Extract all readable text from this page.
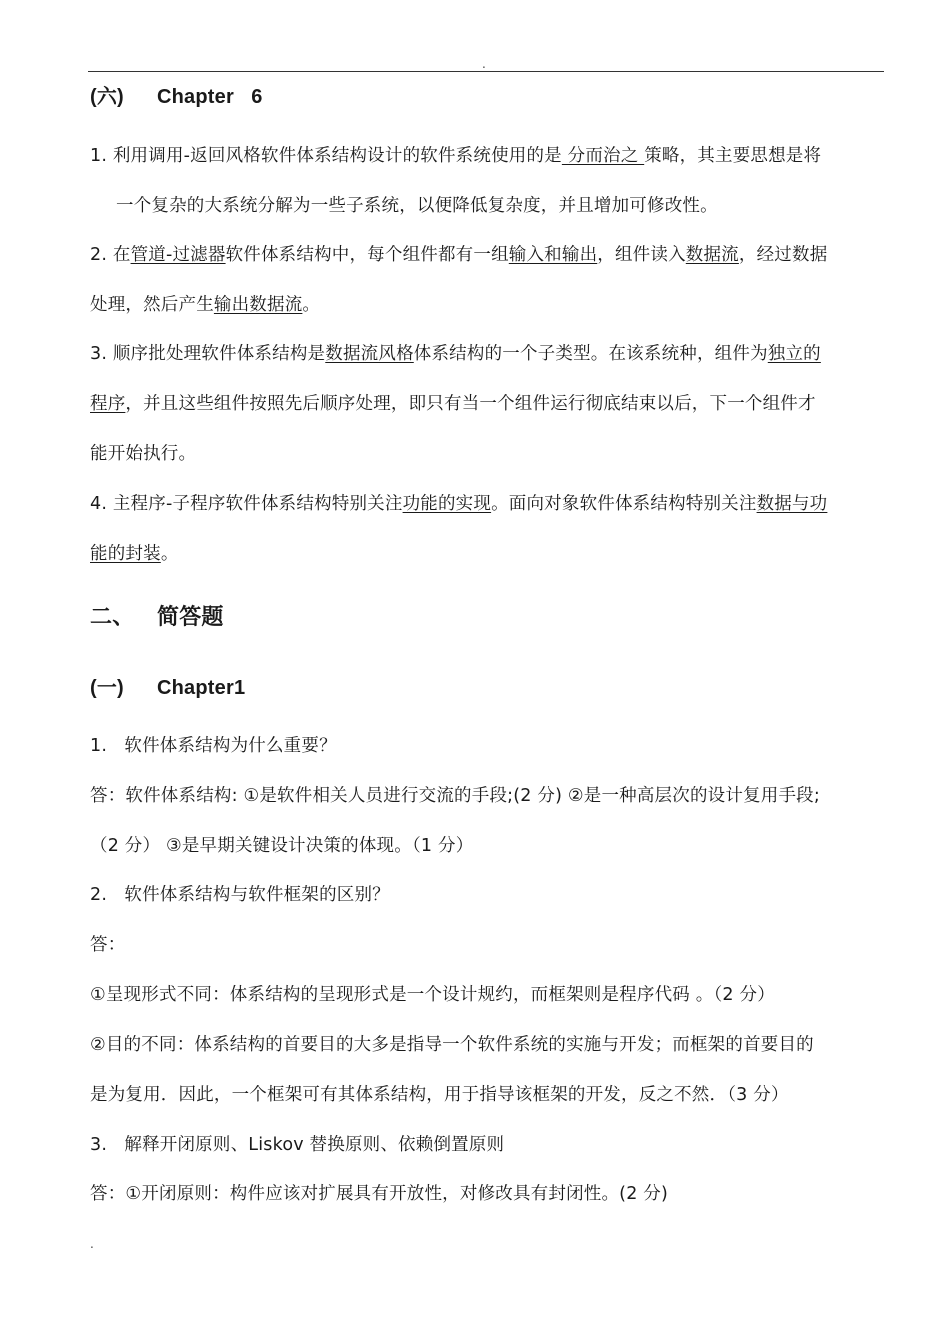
.
(六) Chapter   6
1. 利用调用-返回风格软件体系结构设计的软件系统使用的是 分而治之 策略，其主要思想是将
一个复杂的大系统分解为一些子系统，以便降低复杂度，并且增加可修改性。
2. 在管道-过滤器软件体系结构中，每个组件都有一组输入和输出，组件读入数据流，经过数据
处理，然后产生输出数据流。
3. 顺序批处理软件体系结构是数据流风格体系结构的一个子类型。在该系统种，组件为独立的
程序，并且这些组件按照先后顺序处理，即只有当一个组件运行彻底结束以后，下一个组件才
能开始执行。
4. 主程序-子程序软件体系结构特别关注功能的实现。面向对象软件体系结构特别关注数据与功
能的封装。
二、 简答题
(一) Chapter1
1.   软件体系结构为什么重要？
答：软件体系结构: ①是软件相关人员进行交流的手段;(2 分) ②是一种高层次的设计复用手段;
（2 分） ③是早期关键设计决策的体现。（1 分）
2.   软件体系结构与软件框架的区别？
答：
①呈现形式不同：体系结构的呈现形式是一个设计规约，而框架则是程序代码 。（2 分）
②目的不同：体系结构的首要目的大多是指导一个软件系统的实施与开发；而框架的首要目的
是为复用．因此，一个框架可有其体系结构，用于指导该框架的开发，反之不然．（3 分）
3.   解释开闭原则、Liskov 替换原则、依赖倒置原则
答：①开闭原则：构件应该对扩展具有开放性，对修改具有封闭性。(2 分)
.
